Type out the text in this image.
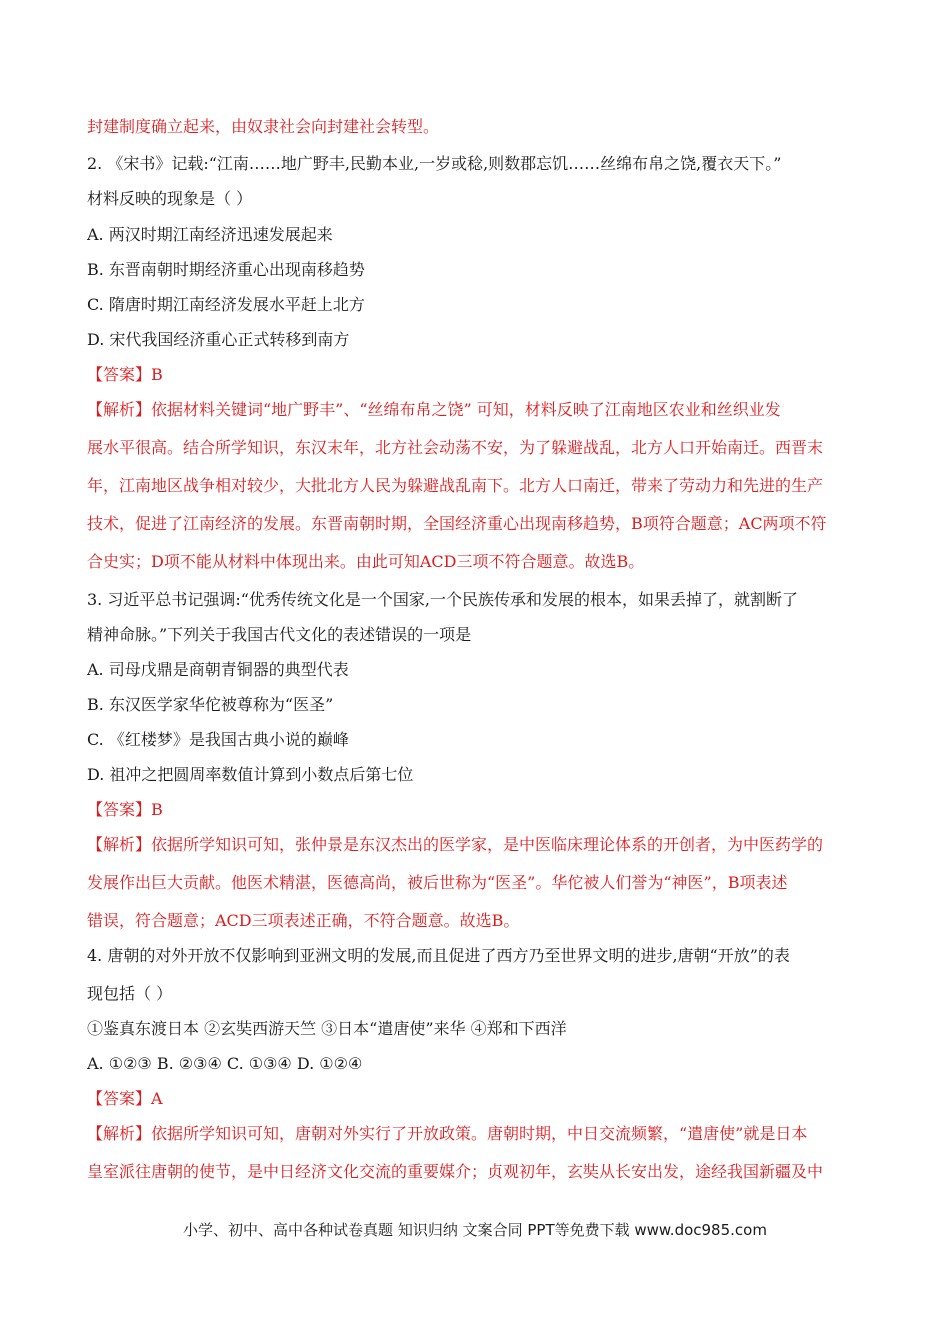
封建制度确立起来，由奴隶社会向封建社会转型。
2. 《宋书》记载:“江南……地广野丰,民勤本业,一岁或稔,则数郡忘饥……丝绵布帛之饶,覆衣天下。”
材料反映的现象是（ ）
A. 两汉时期江南经济迅速发展起来
B. 东晋南朝时期经济重心出现南移趋势
C. 隋唐时期江南经济发展水平赶上北方
D. 宋代我国经济重心正式转移到南方
【答案】B
【解析】依据材料关键词“地广野丰”、“丝绵布帛之饶” 可知，材料反映了江南地区农业和丝织业发
展水平很高。结合所学知识，东汉末年，北方社会动荡不安，为了躲避战乱，北方人口开始南迁。西晋末
年，江南地区战争相对较少，大批北方人民为躲避战乱南下。北方人口南迁，带来了劳动力和先进的生产
技术，促进了江南经济的发展。东晋南朝时期，全国经济重心出现南移趋势，B项符合题意；AC两项不符
合史实；D项不能从材料中体现出来。由此可知ACD三项不符合题意。故选B。
3. 习近平总书记强调:“优秀传统文化是一个国家,一个民族传承和发展的根本，如果丢掉了，就割断了
精神命脉。”下列关于我国古代文化的表述错误的一项是
A. 司母戊鼎是商朝青铜器的典型代表
B. 东汉医学家华佗被尊称为“医圣”
C. 《红楼梦》是我国古典小说的巅峰
D. 祖冲之把圆周率数值计算到小数点后第七位
【答案】B
【解析】依据所学知识可知，张仲景是东汉杰出的医学家，是中医临床理论体系的开创者，为中医药学的
发展作出巨大贡献。他医术精湛，医德高尚，被后世称为“医圣”。华佗被人们誉为“神医”，B项表述
错误，符合题意；ACD三项表述正确，不符合题意。故选B。
4. 唐朝的对外开放不仅影响到亚洲文明的发展,而且促进了西方乃至世界文明的进步,唐朝“开放”的表
现包括（ ）
①鉴真东渡日本 ②玄奘西游天竺 ③日本“遣唐使”来华 ④郑和下西洋
A. ①②③ B. ②③④ C. ①③④ D. ①②④
【答案】A
【解析】依据所学知识可知，唐朝对外实行了开放政策。唐朝时期，中日交流频繁，“遣唐使”就是日本
皇室派往唐朝的使节，是中日经济文化交流的重要媒介；贞观初年，玄奘从长安出发，途经我国新疆及中
小学、初中、高中各种试卷真题 知识归纳 文案合同 PPT等免费下载 www.doc985.com
